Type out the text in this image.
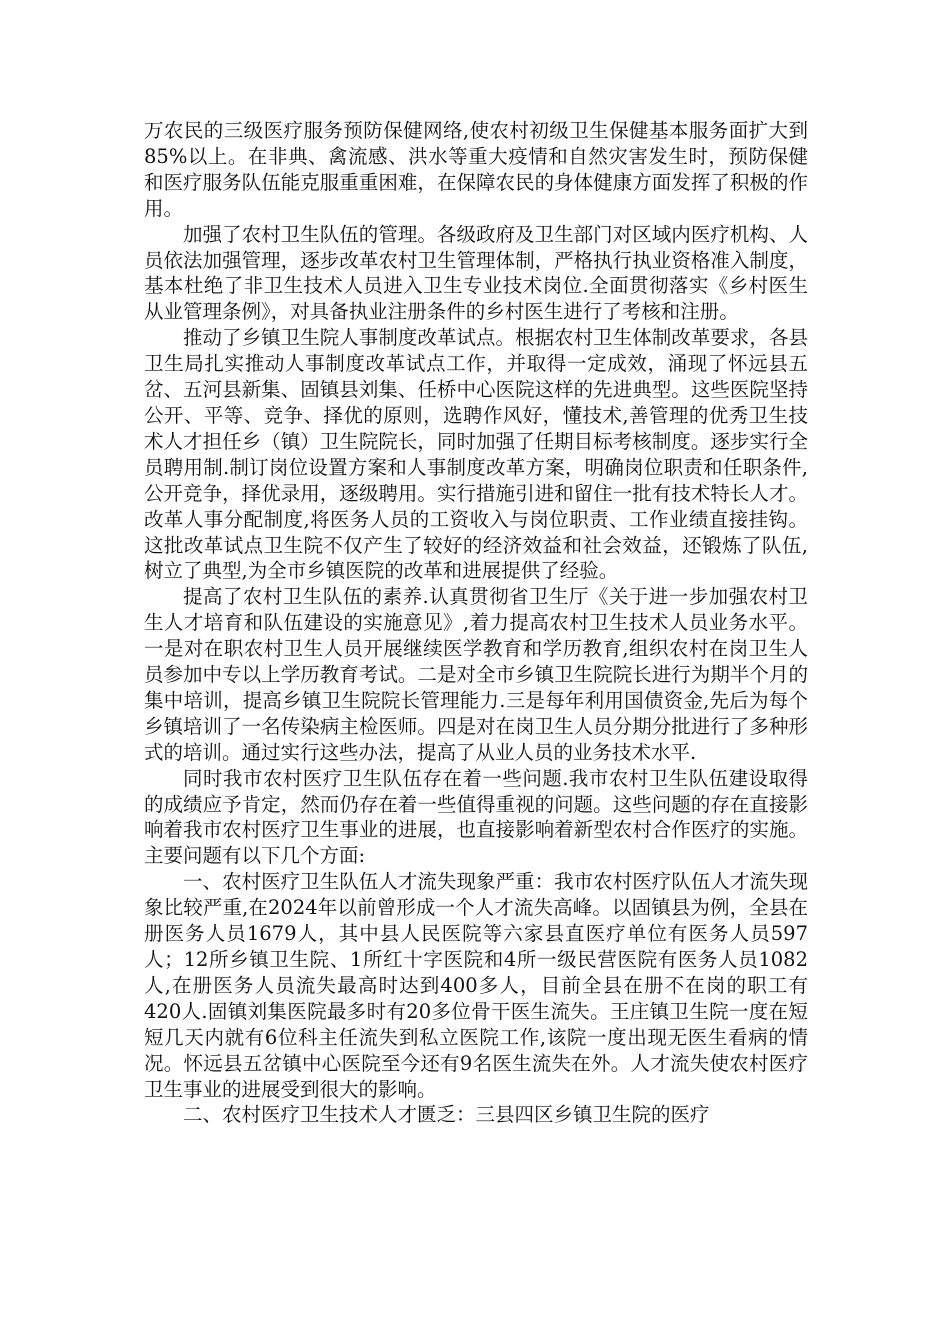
万农民的三级医疗服务预防保健网络,使农村初级卫生保健基本服务面扩大到85%以上。在非典、禽流感、洪水等重大疫情和自然灾害发生时，预防保健和医疗服务队伍能克服重重困难，在保障农民的身体健康方面发挥了积极的作用。

加强了农村卫生队伍的管理。各级政府及卫生部门对区域内医疗机构、人员依法加强管理，逐步改革农村卫生管理体制，严格执行执业资格准入制度，基本杜绝了非卫生技术人员进入卫生专业技术岗位.全面贯彻落实《乡村医生从业管理条例》，对具备执业注册条件的乡村医生进行了考核和注册。

推动了乡镇卫生院人事制度改革试点。根据农村卫生体制改革要求，各县卫生局扎实推动人事制度改革试点工作，并取得一定成效，涌现了怀远县五岔、五河县新集、固镇县刘集、任桥中心医院这样的先进典型。这些医院坚持公开、平等、竞争、择优的原则，选聘作风好，懂技术,善管理的优秀卫生技术人才担任乡（镇）卫生院院长，同时加强了任期目标考核制度。逐步实行全员聘用制.制订岗位设置方案和人事制度改革方案，明确岗位职责和任职条件,公开竞争，择优录用，逐级聘用。实行措施引进和留住一批有技术特长人才。改革人事分配制度,将医务人员的工资收入与岗位职责、工作业绩直接挂钩。这批改革试点卫生院不仅产生了较好的经济效益和社会效益，还锻炼了队伍,树立了典型,为全市乡镇医院的改革和进展提供了经验。

提高了农村卫生队伍的素养.认真贯彻省卫生厅《关于进一步加强农村卫生人才培育和队伍建设的实施意见》,着力提高农村卫生技术人员业务水平。一是对在职农村卫生人员开展继续医学教育和学历教育,组织农村在岗卫生人员参加中专以上学历教育考试。二是对全市乡镇卫生院院长进行为期半个月的集中培训，提高乡镇卫生院院长管理能力.三是每年利用国债资金,先后为每个乡镇培训了一名传染病主检医师。四是对在岗卫生人员分期分批进行了多种形式的培训。通过实行这些办法，提高了从业人员的业务技术水平.

同时我市农村医疗卫生队伍存在着一些问题.我市农村卫生队伍建设取得的成绩应予肯定，然而仍存在着一些值得重视的问题。这些问题的存在直接影响着我市农村医疗卫生事业的进展，也直接影响着新型农村合作医疗的实施。主要问题有以下几个方面:

一、农村医疗卫生队伍人才流失现象严重：我市农村医疗队伍人才流失现象比较严重,在2024年以前曾形成一个人才流失高峰。以固镇县为例，全县在册医务人员1679人，其中县人民医院等六家县直医疗单位有医务人员597人；12所乡镇卫生院、1所红十字医院和4所一级民营医院有医务人员1082人,在册医务人员流失最高时达到400多人，目前全县在册不在岗的职工有420人.固镇刘集医院最多时有20多位骨干医生流失。王庄镇卫生院一度在短短几天内就有6位科主任流失到私立医院工作,该院一度出现无医生看病的情况。怀远县五岔镇中心医院至今还有9名医生流失在外。人才流失使农村医疗卫生事业的进展受到很大的影响。

二、农村医疗卫生技术人才匮乏：三县四区乡镇卫生院的医疗
